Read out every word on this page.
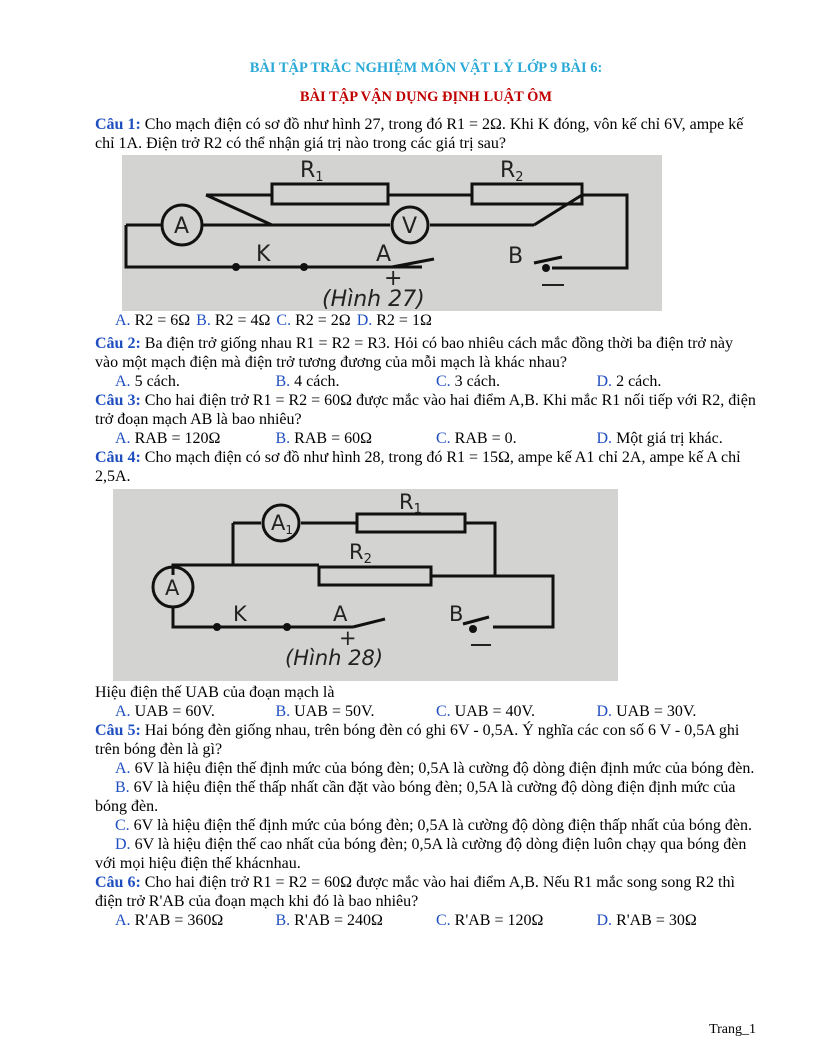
BÀI TẬP TRẮC NGHIỆM MÔN VẬT LÝ LỚP 9 BÀI 6:
BÀI TẬP VẬN DỤNG ĐỊNH LUẬT ÔM

Câu 1: Cho mạch điện có sơ đồ như hình 27, trong đó R1 = 2Ω. Khi K đóng, vôn kế chỉ 6V, ampe kế chỉ 1A. Điện trở R2 có thể nhận giá trị nào trong các giá trị sau?

R1	R2
A	V
K	A	B
+
(Hình 27)
A. R2 = 6Ω B. R2 = 4Ω C. R2 = 2Ω D. R2 = 1Ω

Câu 2: Ba điện trở giống nhau R1 = R2 = R3. Hỏi có bao nhiêu cách mắc đồng thời ba điện trở này vào một mạch điện mà điện trở tương đương của mỗi mạch là khác nhau?

A. 5 cách.	B. 4 cách.	C. 3 cách.	D. 2 cách.

Câu 3: Cho hai điện trở R1 = R2 = 60Ω được mắc vào hai điểm A,B. Khi mắc R1 nối tiếp với R2, điện trở đoạn mạch AB là bao nhiêu?

A. RAB = 120Ω	B. RAB = 60Ω	C. RAB = 0.	D. Một giá trị khác.

Câu 4: Cho mạch điện có sơ đồ như hình 28, trong đó R1 = 15Ω, ampe kế A1 chỉ 2A, ampe kế A chỉ 2,5A.

R1
R2
A1
A
K	A	B
+
(Hình 28)

Hiệu điện thế UAB của đoạn mạch là

A. UAB = 60V.	B. UAB = 50V.	C. UAB = 40V.	D. UAB = 30V.

Câu 5: Hai bóng đèn giống nhau, trên bóng đèn có ghi 6V - 0,5A. Ý nghĩa các con số 6 V - 0,5A ghi trên bóng đèn là gì?

A. 6V là hiệu điện thế định mức của bóng đèn; 0,5A là cường độ dòng điện định mức của bóng đèn.

B. 6V là hiệu điện thế thấp nhất cần đặt vào bóng đèn; 0,5A là cường độ dòng điện định mức của bóng đèn.

C. 6V là hiệu điện thế định mức của bóng đèn; 0,5A là cường độ dòng điện thấp nhất của bóng đèn.

D. 6V là hiệu điện thế cao nhất của bóng đèn; 0,5A là cường độ dòng điện luôn chạy qua bóng đèn với mọi hiệu điện thế khácnhau.

Câu 6: Cho hai điện trở R1 = R2 = 60Ω được mắc vào hai điểm A,B. Nếu R1 mắc song song R2 thì điện trở R'AB của đoạn mạch khi đó là bao nhiêu?

A. R'AB = 360Ω	B. R'AB = 240Ω	C. R'AB = 120Ω	D. R'AB = 30Ω
Trang_1
